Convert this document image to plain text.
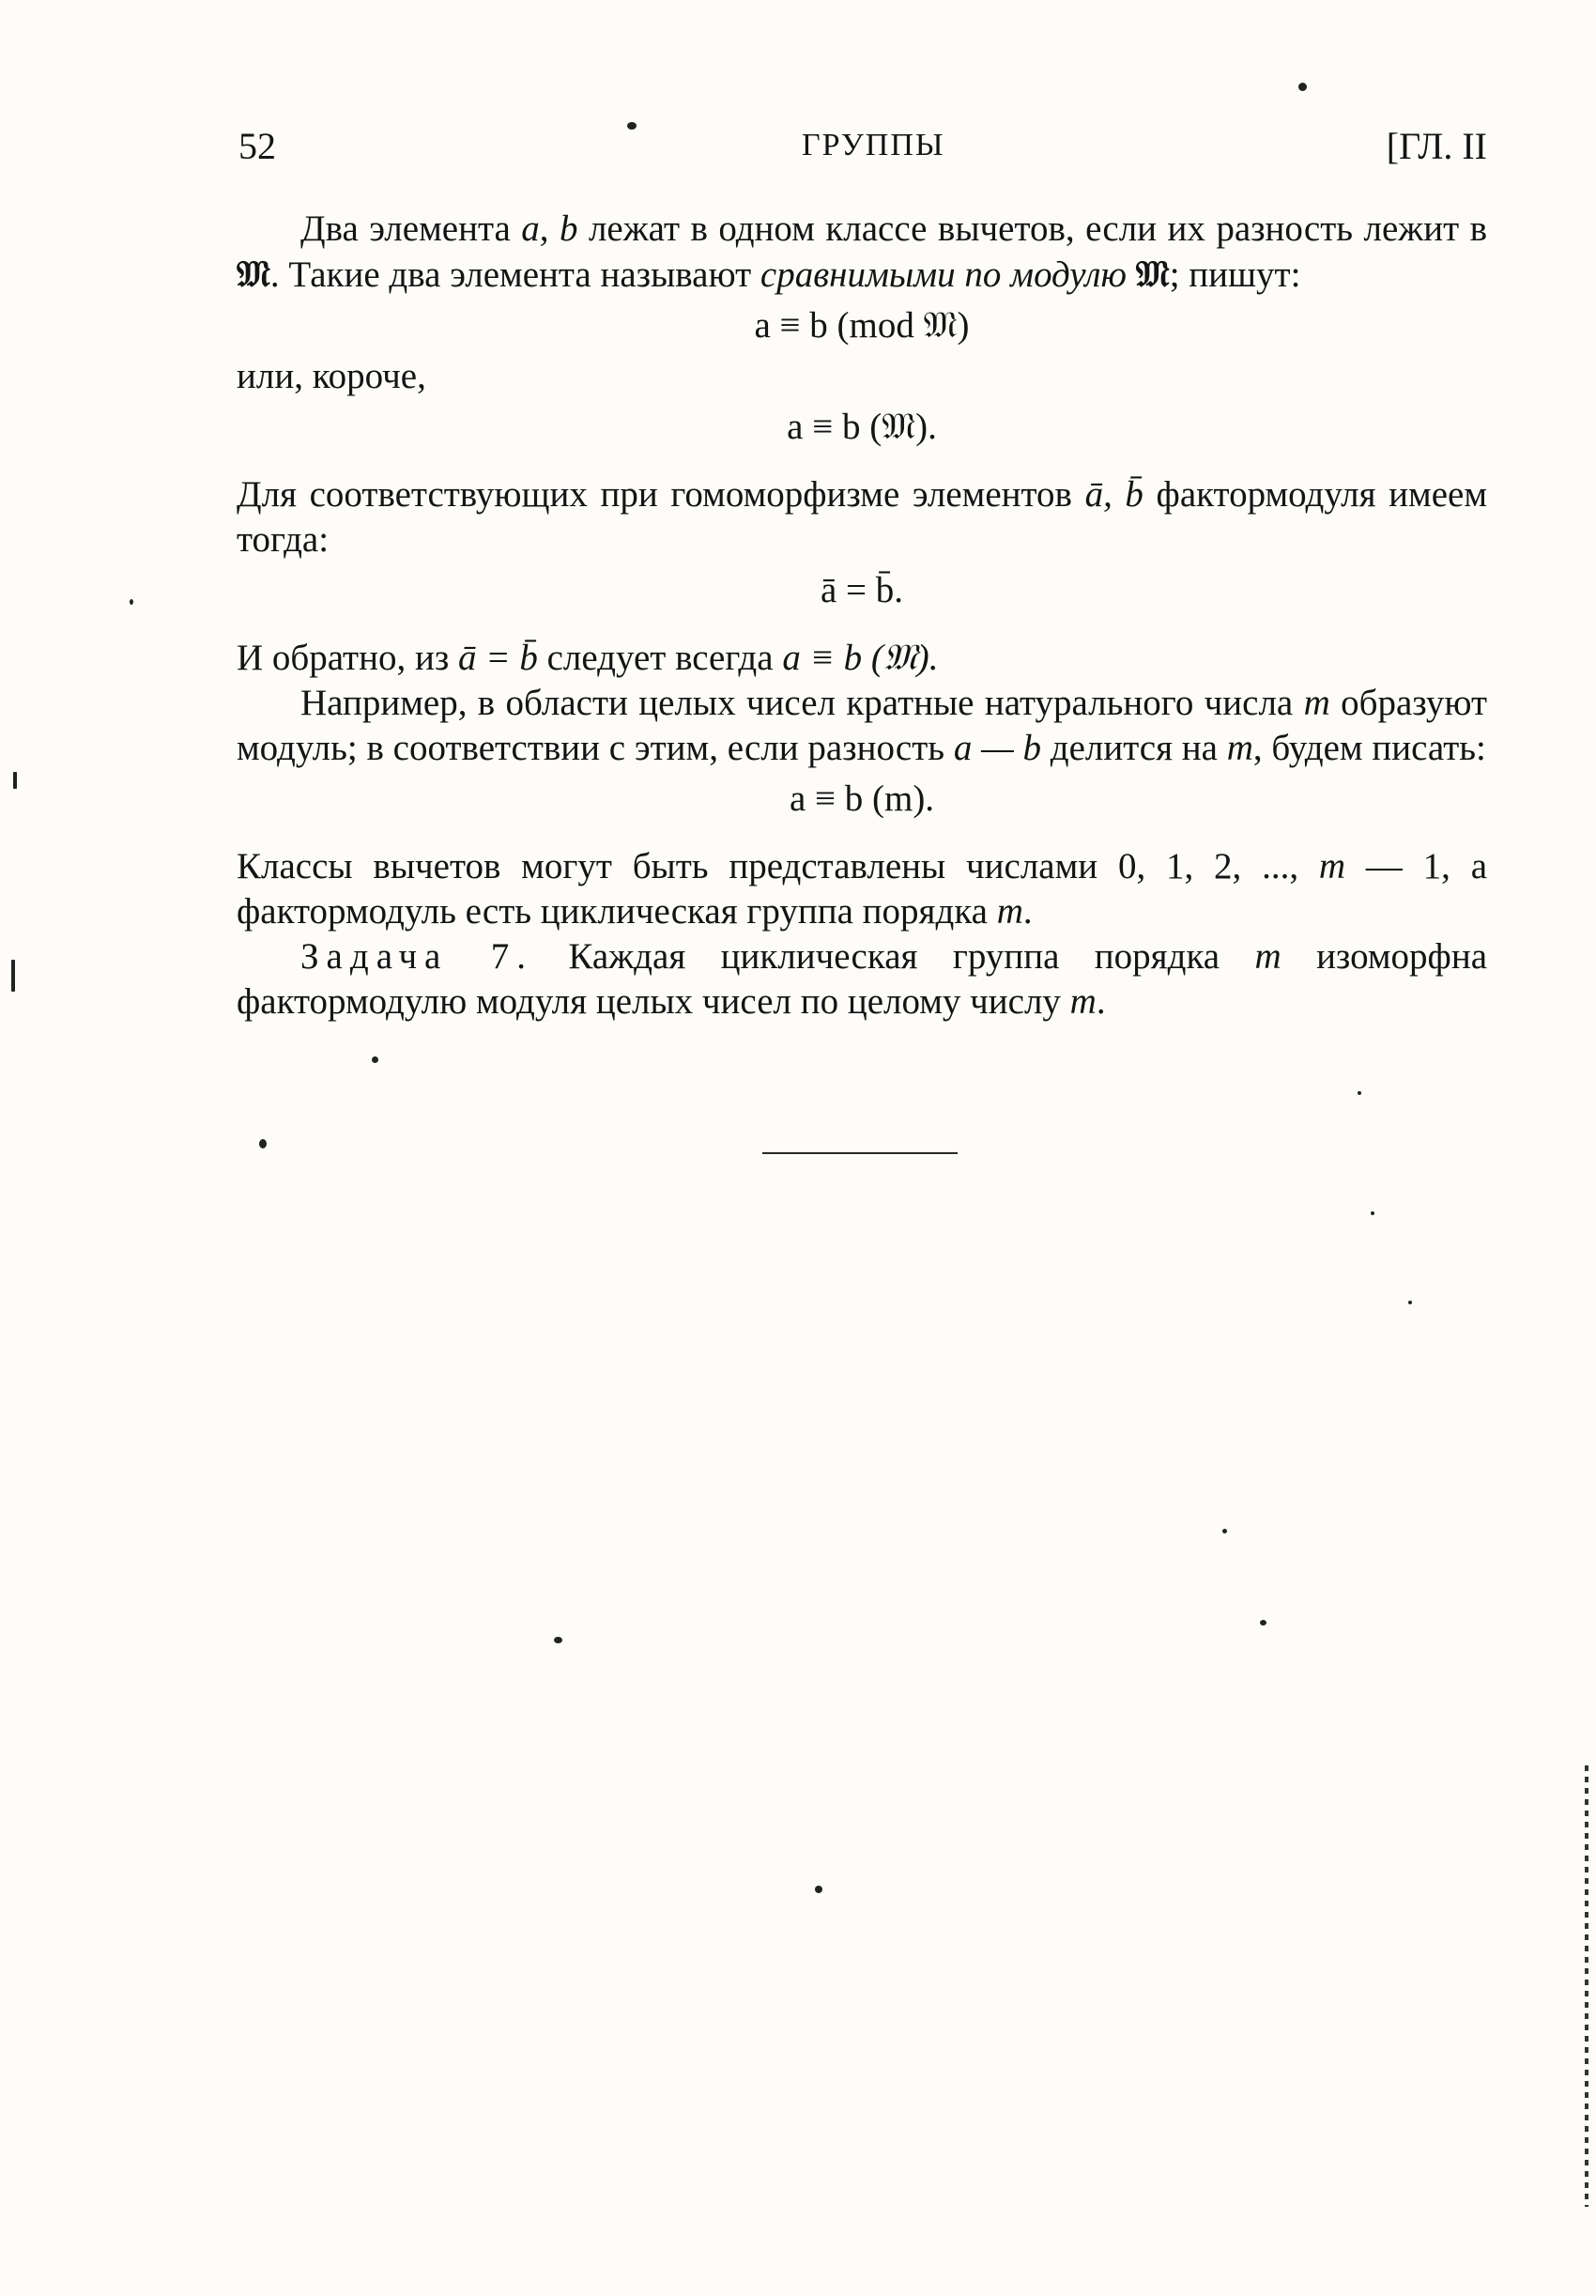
52	ГРУППЫ	[ГЛ. II

Два элемента a, b лежат в одном классе вычетов, если их разность лежит в 𝔐. Такие два элемента называют сравнимыми по модулю 𝔐; пишут:

a ≡ b (mod 𝔐)

или, короче,

a ≡ b (𝔐).

Для соответствующих при гомоморфизме элементов ā, b̄ фактормодуля имеем тогда:

ā = b̄.

И обратно, из ā = b̄ следует всегда a ≡ b (𝔐).

Например, в области целых чисел кратные натурального числа m образуют модуль; в соответствии с этим, если разность a — b делится на m, будем писать:

a ≡ b (m).

Классы вычетов могут быть представлены числами 0, 1, 2, ..., m — 1, а фактормодуль есть циклическая группа порядка m.

Задача 7. Каждая циклическая группа порядка m изоморфна фактормодулю модуля целых чисел по целому числу m.
